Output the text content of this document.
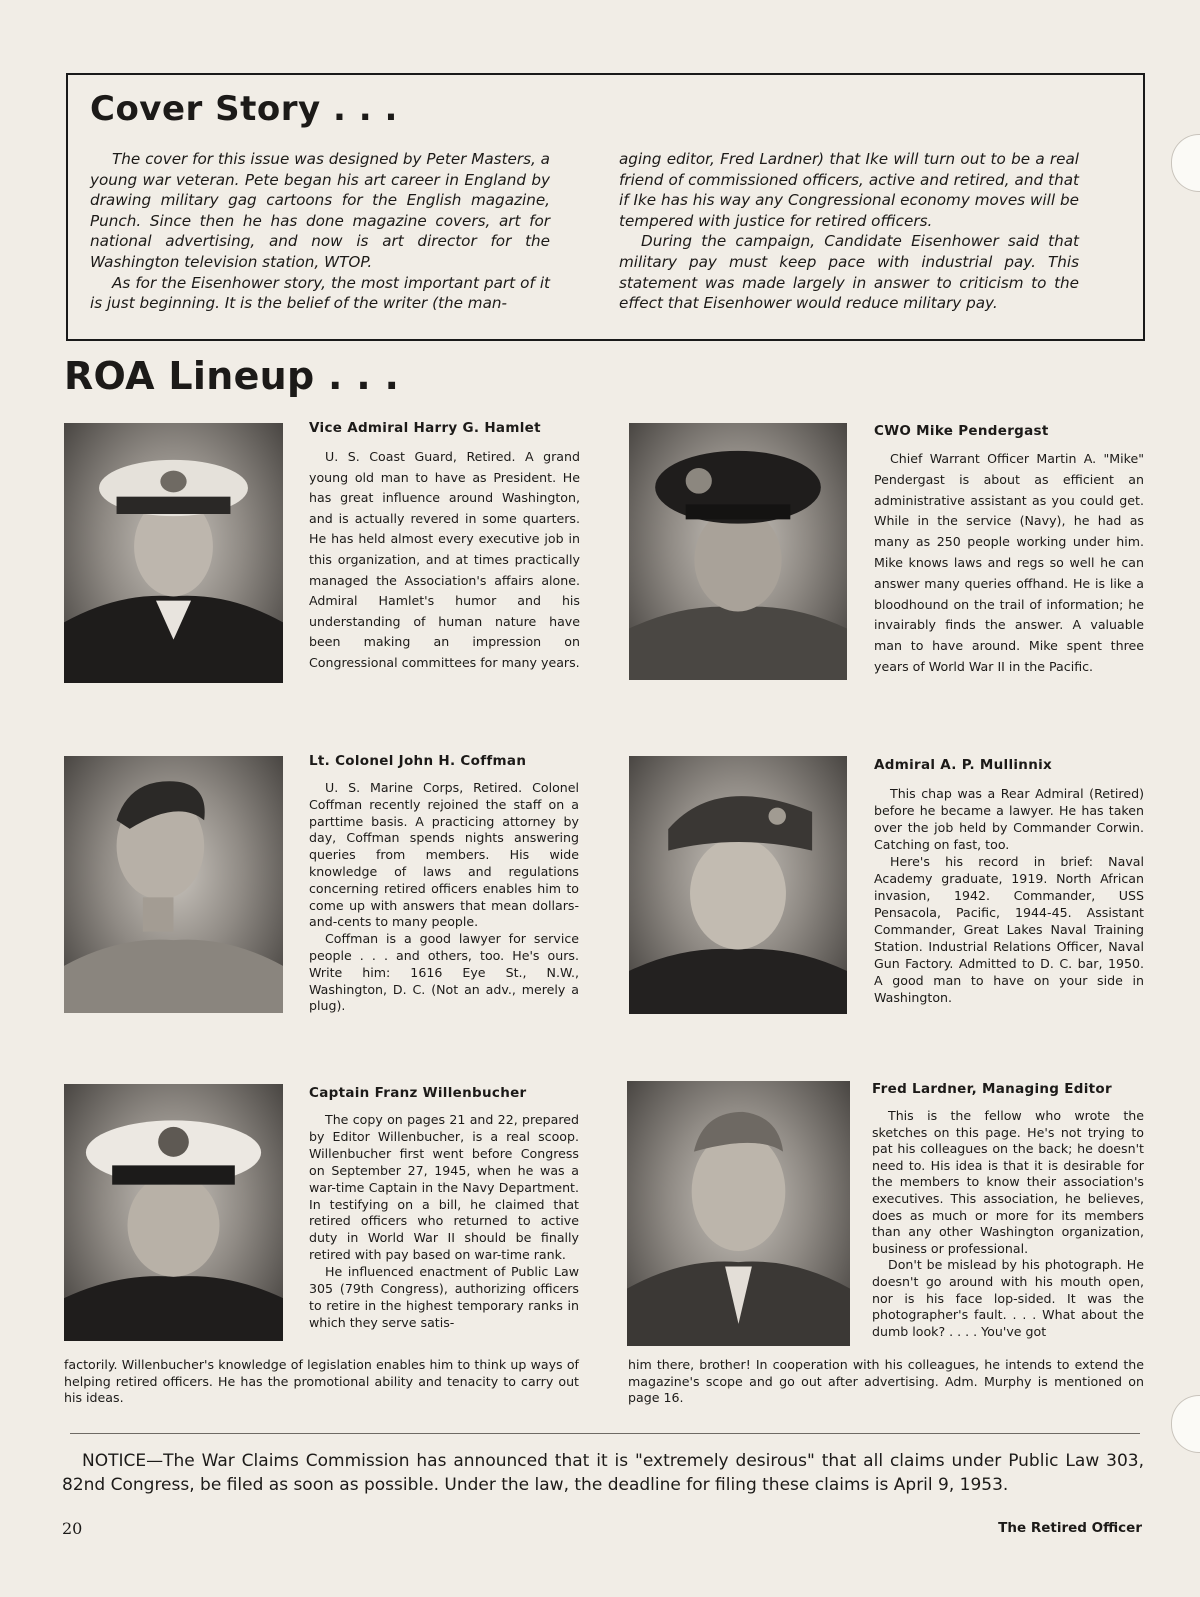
Cover Story . . .

The cover for this issue was designed by Peter Masters, a young war veteran. Pete began his art career in England by drawing military gag cartoons for the English magazine, Punch. Since then he has done magazine covers, art for national advertising, and now is art director for the Washington television station, WTOP.

As for the Eisenhower story, the most important part of it is just beginning. It is the belief of the writer (the man-

aging editor, Fred Lardner) that Ike will turn out to be a real friend of commissioned officers, active and retired, and that if Ike has his way any Congressional economy moves will be tempered with justice for retired officers.

During the campaign, Candidate Eisenhower said that military pay must keep pace with industrial pay. This statement was made largely in answer to criticism to the effect that Eisenhower would reduce military pay.

ROA Lineup . . .
Vice Admiral Harry G. Hamlet

U. S. Coast Guard, Retired. A grand young old man to have as President. He has great influence around Washington, and is actually revered in some quarters. He has held almost every executive job in this organization, and at times practically managed the Association's affairs alone. Admiral Hamlet's humor and his understanding of human nature have been making an impression on Congressional committees for many years.

CWO Mike Pendergast

Chief Warrant Officer Martin A. "Mike" Pendergast is about as efficient an administrative assistant as you could get. While in the service (Navy), he had as many as 250 people working under him. Mike knows laws and regs so well he can answer many queries offhand. He is like a bloodhound on the trail of information; he invairably finds the answer. A valuable man to have around. Mike spent three years of World War II in the Pacific.

Lt. Colonel John H. Coffman

U. S. Marine Corps, Retired. Colonel Coffman recently rejoined the staff on a parttime basis. A practicing attorney by day, Coffman spends nights answering queries from members. His wide knowledge of laws and regulations concerning retired officers enables him to come up with answers that mean dollars-and-cents to many people.

Coffman is a good lawyer for service people . . . and others, too. He's ours. Write him: 1616 Eye St., N.W., Washington, D. C. (Not an adv., merely a plug).

Admiral A. P. Mullinnix

This chap was a Rear Admiral (Retired) before he became a lawyer. He has taken over the job held by Commander Corwin. Catching on fast, too.

Here's his record in brief: Naval Academy graduate, 1919. North African invasion, 1942. Commander, USS Pensacola, Pacific, 1944-45. Assistant Commander, Great Lakes Naval Training Station. Industrial Relations Officer, Naval Gun Factory. Admitted to D. C. bar, 1950. A good man to have on your side in Washington.

Captain Franz Willenbucher

The copy on pages 21 and 22, prepared by Editor Willenbucher, is a real scoop. Willenbucher first went before Congress on September 27, 1945, when he was a war-time Captain in the Navy Department. In testifying on a bill, he claimed that retired officers who returned to active duty in World War II should be finally retired with pay based on war-time rank.

He influenced enactment of Public Law 305 (79th Congress), authorizing officers to retire in the highest temporary ranks in which they serve satis-

factorily. Willenbucher's knowledge of legislation enables him to think up ways of helping retired officers. He has the promotional ability and tenacity to carry out his ideas.

Fred Lardner, Managing Editor

This is the fellow who wrote the sketches on this page. He's not trying to pat his colleagues on the back; he doesn't need to. His idea is that it is desirable for the members to know their association's executives. This association, he believes, does as much or more for its members than any other Washington organization, business or professional.

Don't be mislead by his photograph. He doesn't go around with his mouth open, nor is his face lop-sided. It was the photographer's fault. . . . What about the dumb look? . . . . You've got

him there, brother! In cooperation with his colleagues, he intends to extend the magazine's scope and go out after advertising. Adm. Murphy is mentioned on page 16.

NOTICE—The War Claims Commission has announced that it is "extremely desirous" that all claims under Public Law 303, 82nd Congress, be filed as soon as possible. Under the law, the deadline for filing these claims is April 9, 1953.

20	The Retired Officer
